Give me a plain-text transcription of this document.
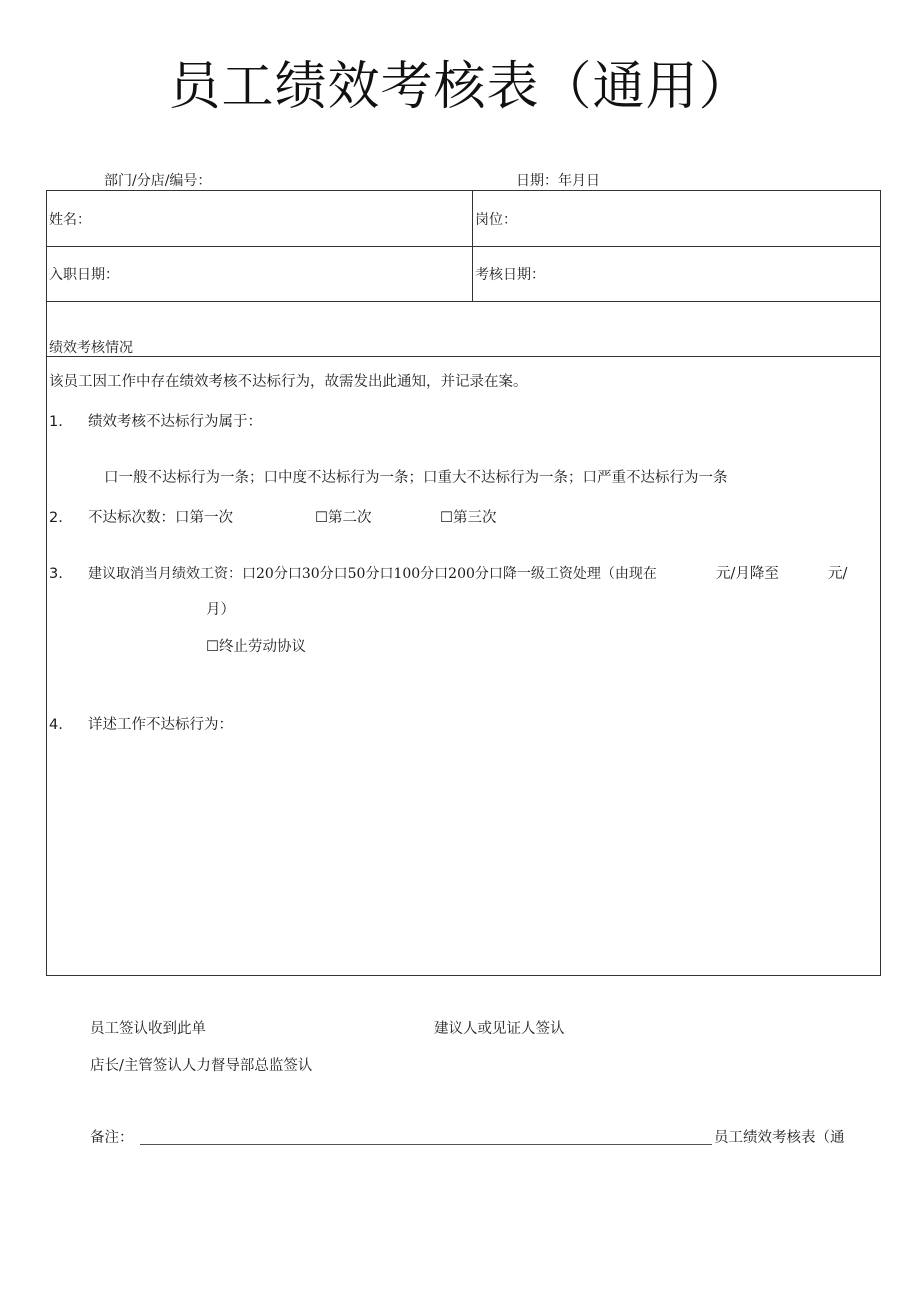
员工绩效考核表（通用）
部门/分店/编号：	日期：年月日
姓名：	岗位：
入职日期：	考核日期：
绩效考核情况
该员工因工作中存在绩效考核不达标行为，故需发出此通知，并记录在案。
1. 绩效考核不达标行为属于：
口一般不达标行为一条；口中度不达标行为一条；口重大不达标行为一条；口严重不达标行为一条
2. 不达标次数：口第一次	☐第二次	☐第三次
3. 建议取消当月绩效工资：口20分口30分口50分口100分口200分口降一级工资处理（由现在	元/月降至	元/
月）
☐终止劳动协议
4. 详述工作不达标行为：
员工签认收到此单	建议人或见证人签认
店长/主管签认人力督导部总监签认
备注：	员工绩效考核表（通
